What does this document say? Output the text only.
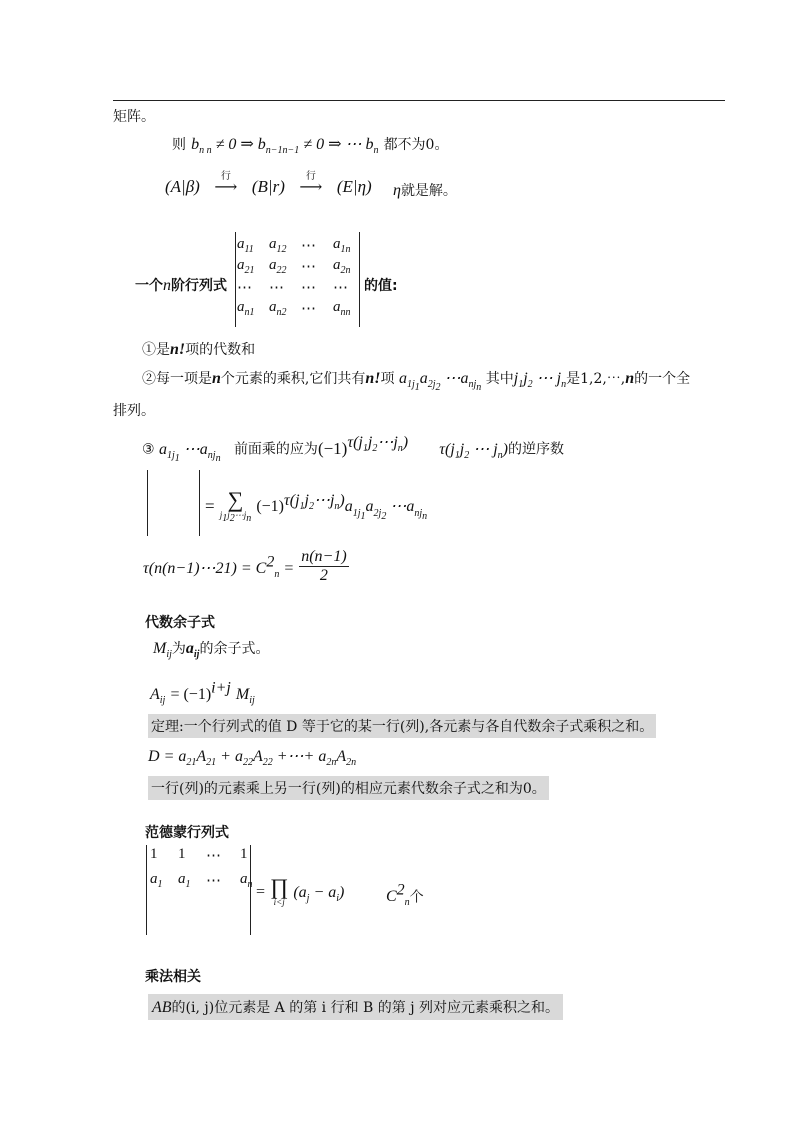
矩阵。
则 $b_{n n} \ne 0$ ⇒ $b_{n-1n-1} \ne 0$ ⇒ ⋯ $b_n$ 都不为0。
(A|β)
行
⟶ (B|r)
行
⟶ (E|η) η就是解。
一个n阶行列式
$a_{11}$	$a_{12}$ ⋯	$a_{1n}$
$a_{21}$ $a_{22}$ ⋯	$a_{2n}$
⋯	⋯	⋯	⋯
$a_{n1}$ $a_{n2}$ ⋯	$a_{nn}$
的值:
①是n!项的代数和
②每一项是n个元素的乘积,它们共有n!项 $a_{1j_1}a_{2j_2}$ $\cdots a_{nj_n}$ 其中$j_1j_2$ ⋯ $j_n$是1,2,⋯,n的一个全
排列。
③ $a_{1j_1}$ $\cdots a_{nj_n}$   前面乘的应为$(-1)^{\tau(j_1j_2\cdots j_n)}$ $\tau(j_1j_2$ ⋯ $j_n$)的逆序数
= ∑
$j_1j_2\cdots j_n$
$(-1)^{\tau(j_1j_2\cdots j_n)}a_{1j_1}a_{2j_2}$ $\cdots a_{nj_n}$
τ(n(n−1)⋯21) = $C^2_n = \frac{n(n-1)}{2}$
代数余子式
$M_{ij}$为$a_{ij}$的余子式。
$A_{ij} = (-1)^{i+j}$ $M_{ij}$
定理:一个行列式的值 D 等于它的某一行(列),各元素与各自代数余子式乘积之和。
$D = a_{21}A_{21} + a_{22}A_{22}$ +⋯+ $a_{2n}A_{2n}$
一行(列)的元素乘上另一行(列)的相应元素代数余子式之和为0。
范德蒙行列式
1	1	⋯	1
$a_1$	$a_1$	⋯	$a_n$ = ∏
i<j
$(a_j - a_i)$	$C^2_n$个
乘法相关
AB的(i, j)位元素是 A 的第 i 行和 B 的第 j 列对应元素乘积之和。
